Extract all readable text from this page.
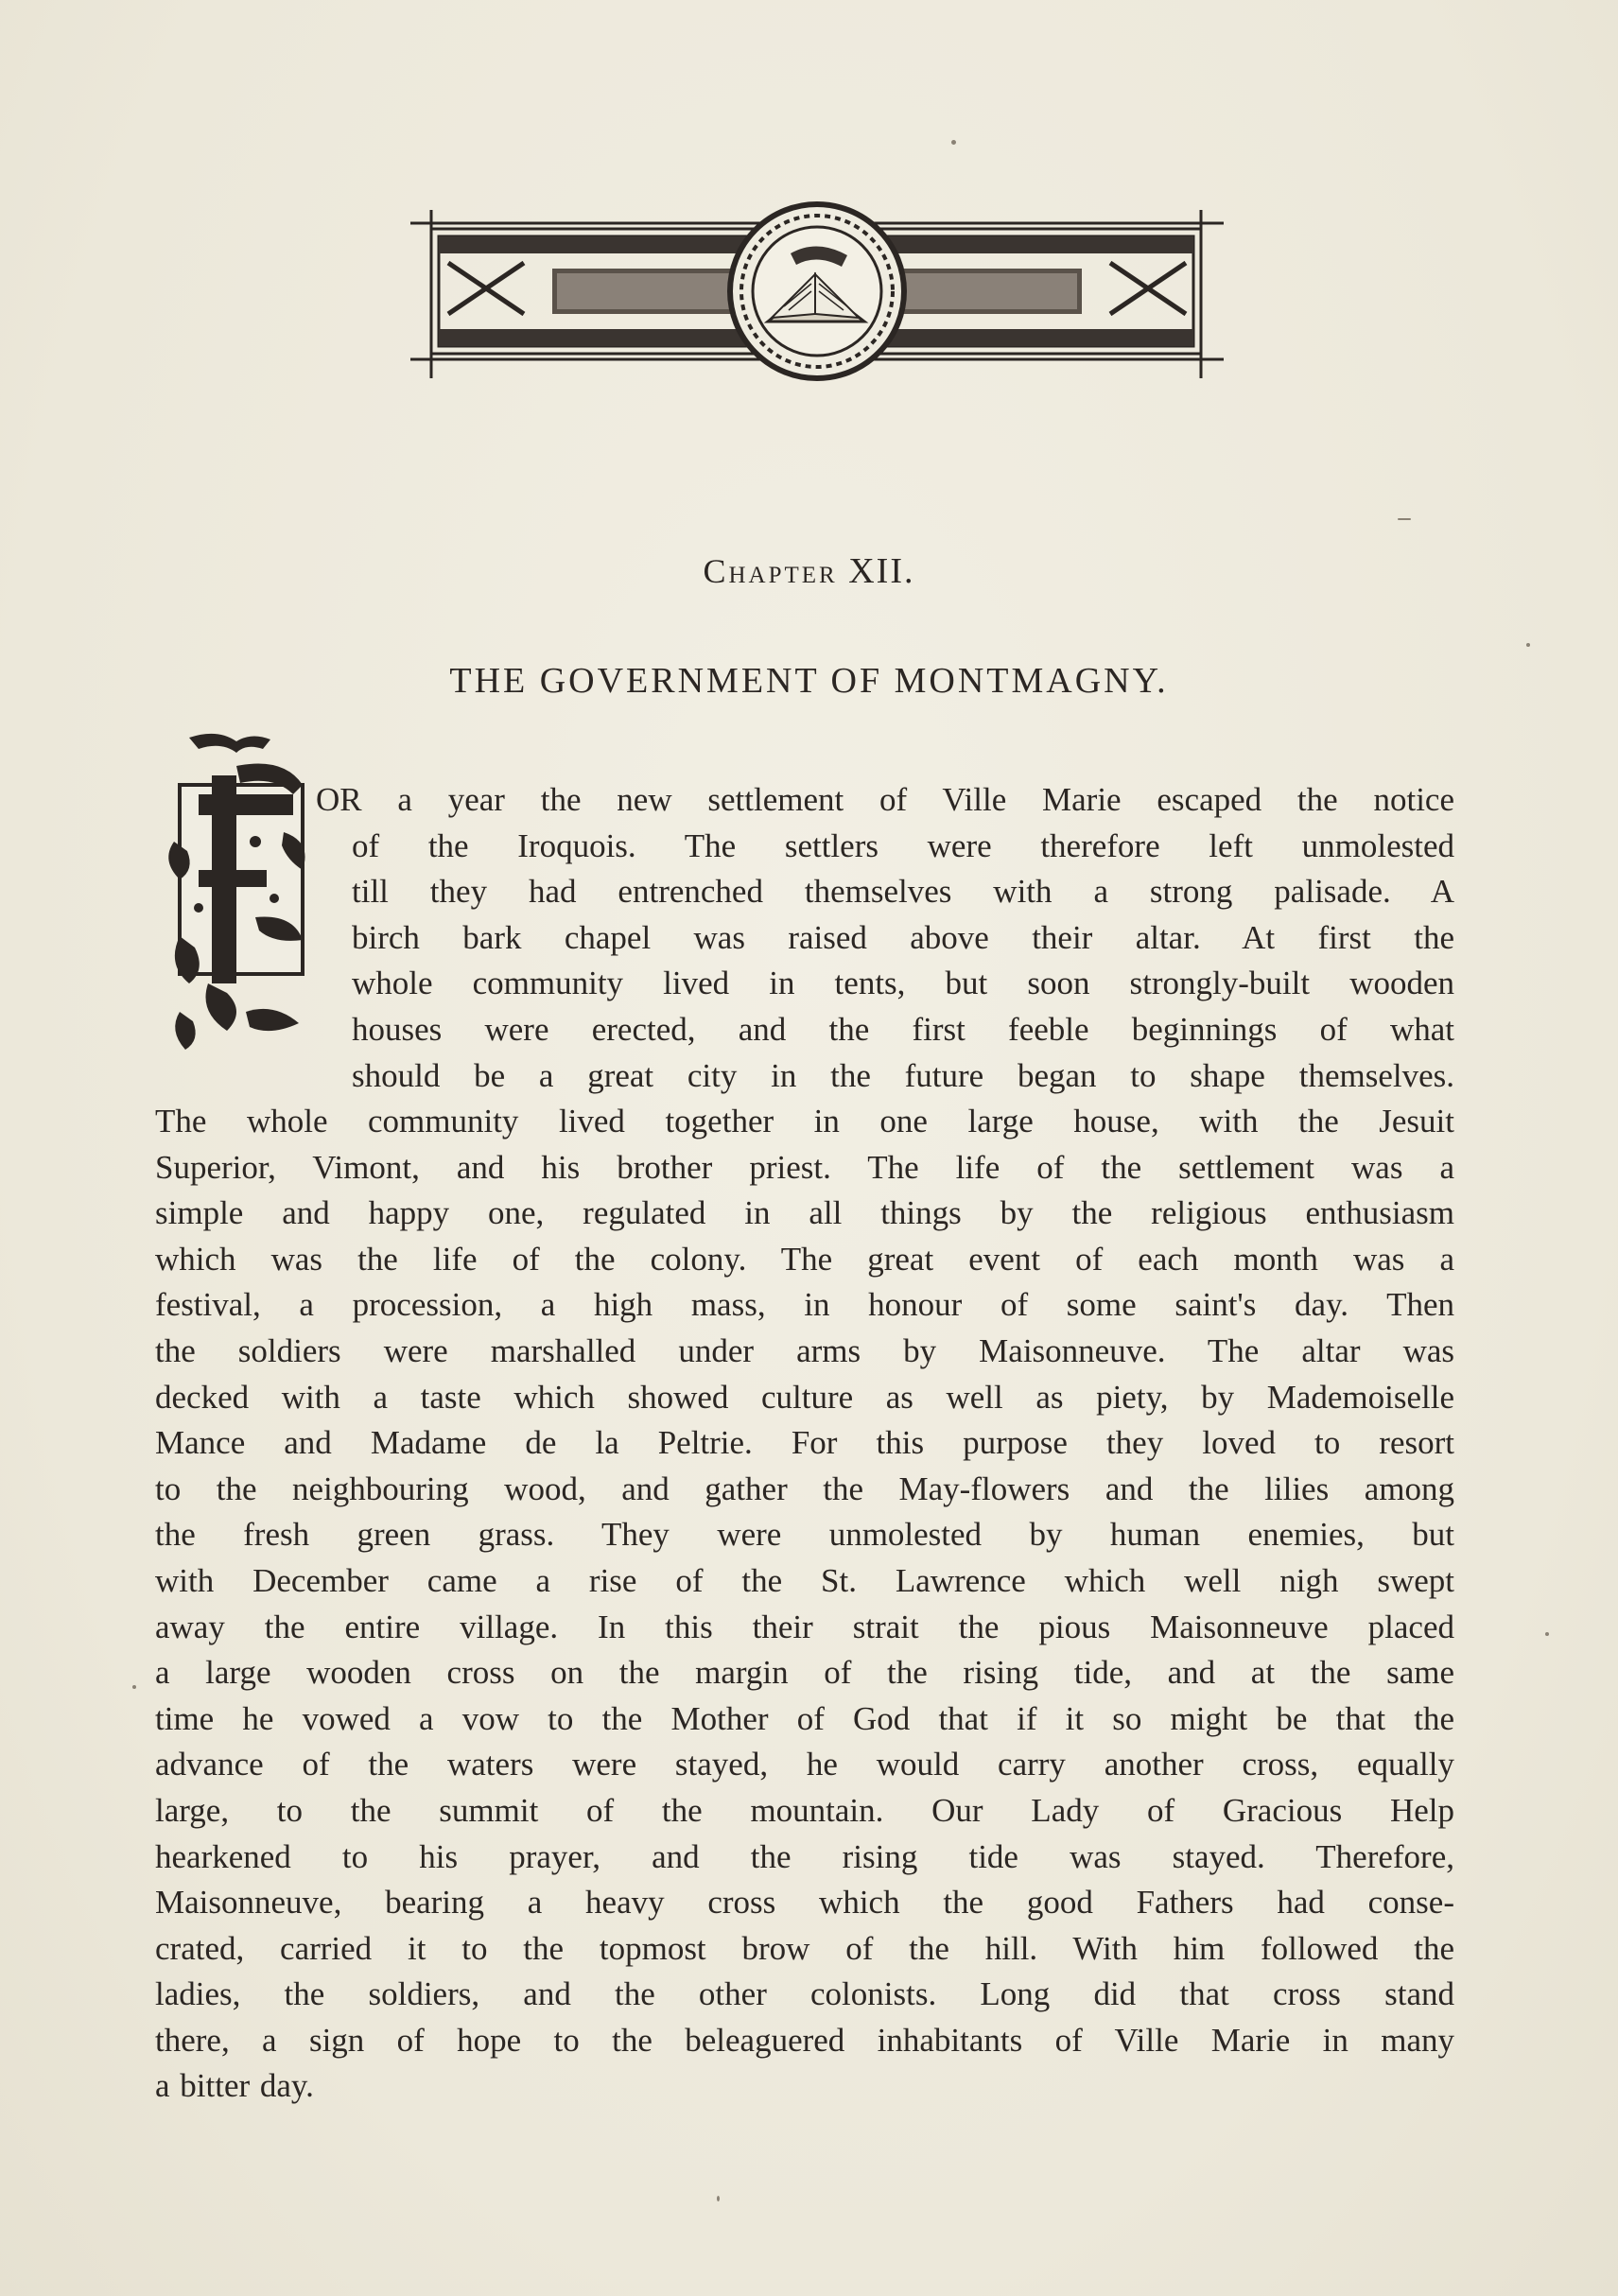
Chapter XII.
THE GOVERNMENT OF MONTMAGNY.
OR a year the new settlement of Ville Marie escaped the notice
of the Iroquois. The settlers were therefore left unmolested
till they had entrenched themselves with a strong palisade. A
birch bark chapel was raised above their altar. At first the
whole community lived in tents, but soon strongly-built wooden
houses were erected, and the first feeble beginnings of what
should be a great city in the future began to shape themselves.
The whole community lived together in one large house, with the Jesuit
Superior, Vimont, and his brother priest. The life of the settlement was a
simple and happy one, regulated in all things by the religious enthusiasm
which was the life of the colony. The great event of each month was a
festival, a procession, a high mass, in honour of some saint's day. Then
the soldiers were marshalled under arms by Maisonneuve. The altar was
decked with a taste which showed culture as well as piety, by Mademoiselle
Mance and Madame de la Peltrie. For this purpose they loved to resort
to the neighbouring wood, and gather the May-flowers and the lilies among
the fresh green grass. They were unmolested by human enemies, but
with December came a rise of the St. Lawrence which well nigh swept
away the entire village. In this their strait the pious Maisonneuve placed
a large wooden cross on the margin of the rising tide, and at the same
time he vowed a vow to the Mother of God that if it so might be that the
advance of the waters were stayed, he would carry another cross, equally
large, to the summit of the mountain. Our Lady of Gracious Help
hearkened to his prayer, and the rising tide was stayed. Therefore,
Maisonneuve, bearing a heavy cross which the good Fathers had conse-
crated, carried it to the topmost brow of the hill. With him followed the
ladies, the soldiers, and the other colonists. Long did that cross stand
there, a sign of hope to the beleaguered inhabitants of Ville Marie in many
a bitter day.
